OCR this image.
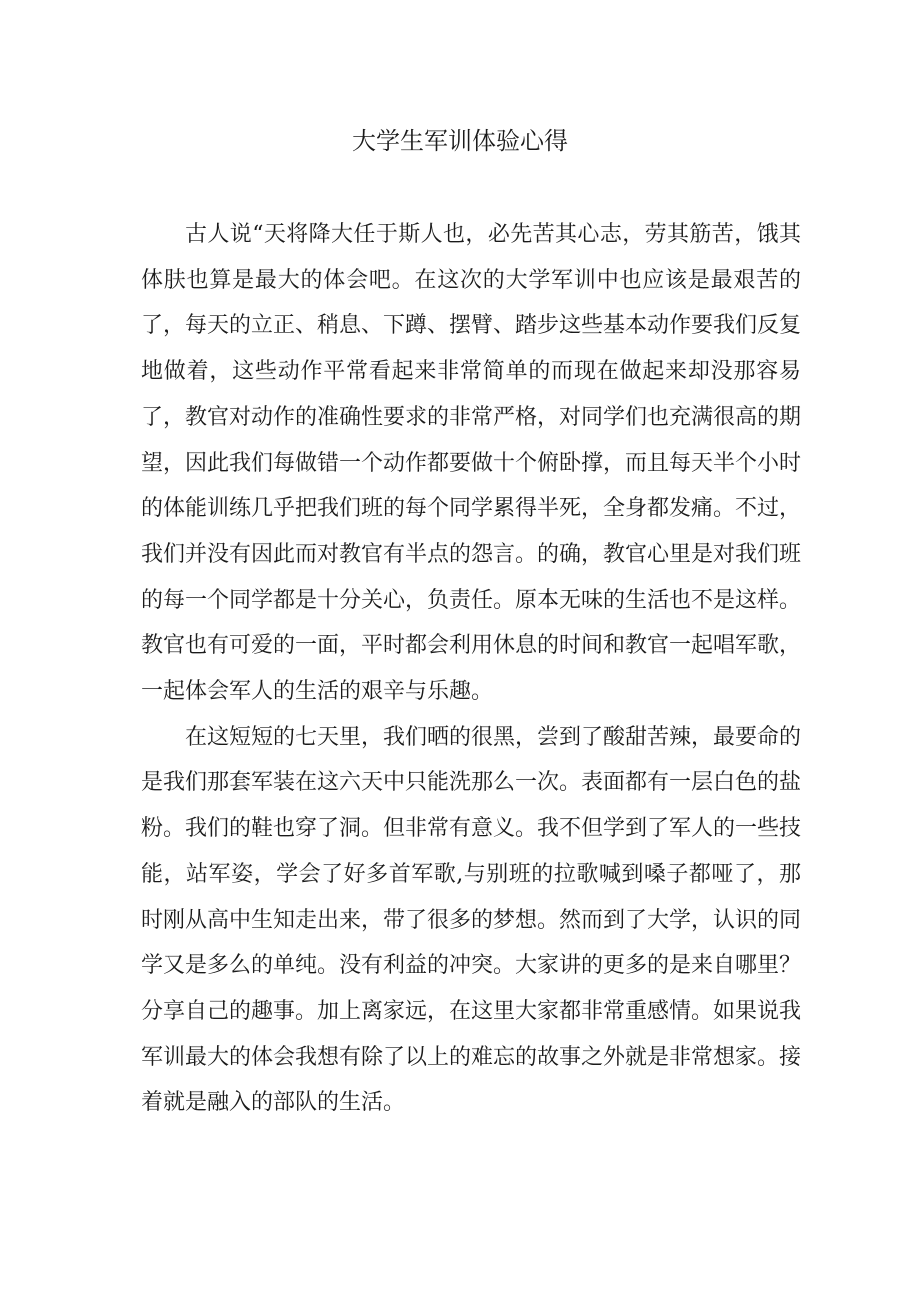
大学生军训体验心得

古人说“天将降大任于斯人也，必先苦其心志，劳其筋苦，饿其体肤也算是最大的体会吧。在这次的大学军训中也应该是最艰苦的了，每天的立正、稍息、下蹲、摆臂、踏步这些基本动作要我们反复地做着，这些动作平常看起来非常简单的而现在做起来却没那容易了，教官对动作的准确性要求的非常严格，对同学们也充满很高的期望，因此我们每做错一个动作都要做十个俯卧撑，而且每天半个小时的体能训练几乎把我们班的每个同学累得半死，全身都发痛。不过，我们并没有因此而对教官有半点的怨言。的确，教官心里是对我们班的每一个同学都是十分关心，负责任。原本无味的生活也不是这样。教官也有可爱的一面，平时都会利用休息的时间和教官一起唱军歌，一起体会军人的生活的艰辛与乐趣。

在这短短的七天里，我们晒的很黑，尝到了酸甜苦辣，最要命的是我们那套军装在这六天中只能洗那么一次。表面都有一层白色的盐粉。我们的鞋也穿了洞。但非常有意义。我不但学到了军人的一些技能，站军姿，学会了好多首军歌,与别班的拉歌喊到嗓子都哑了，那时刚从高中生知走出来，带了很多的梦想。然而到了大学，认识的同学又是多么的单纯。没有利益的冲突。大家讲的更多的是来自哪里？分享自己的趣事。加上离家远，在这里大家都非常重感情。如果说我军训最大的体会我想有除了以上的难忘的故事之外就是非常想家。接着就是融入的部队的生活。
